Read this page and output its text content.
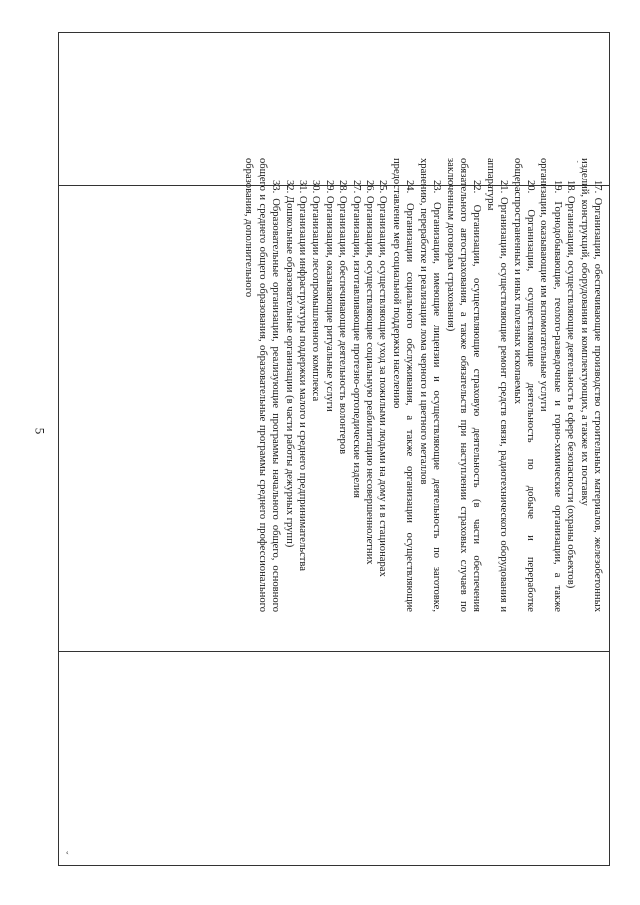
5
ˇ
ˌ

17. Организации, обеспечивающие производство строительных материалов, железобетонных изделий, конструкций, оборудования и комплектующих, а также их поставку

18. Организации, осуществляющие деятельность в сфере безопасности (охраны объектов)

19. Горнодобывающие, геолого-разведочные и горно-химические организации, а также организации, оказывающие им вспомогательные услуги

20. Организации, осуществляющие деятельность по добыче и переработке общераспространенных и иных полезных ископаемых

21. Организации, осуществляющие ремонт средств связи, радиотехнического оборудования и аппаратуры

22. Организации, осуществляющие страховую деятельность (в части обеспечения обязательного автострахования, а также обязательств при наступлении страховых случаев по заключенным договорам страхования)

23. Организации, имеющие лицензии и осуществляющие деятельность по заготовке, хранению, переработке и реализации лома черного и цветного металлов

24. Организации социального обслуживания, а также организации осуществляющие предоставление мер социальной поддержки населению

25. Организации, осуществляющие уход за пожилыми людьми на дому и в стационарах

26. Организации, осуществляющие социальную реабилитацию несовершеннолетних

27. Организации, изготавливающие протезно-ортопедические изделия

28. Организации, обеспечивающие деятельность волонтеров

29. Организации, оказывающие ритуальные услуги

30. Организации лесопромышленного комплекса

31. Организации инфраструктуры поддержки малого и среднего предпринимательства

32. Дошкольные образовательные организации (в части работы дежурных групп)

33. Образовательные организации, реализующие программы начального общего, основного общего и среднего общего образования, образовательные программы среднего профессионального образования, дополнительного
